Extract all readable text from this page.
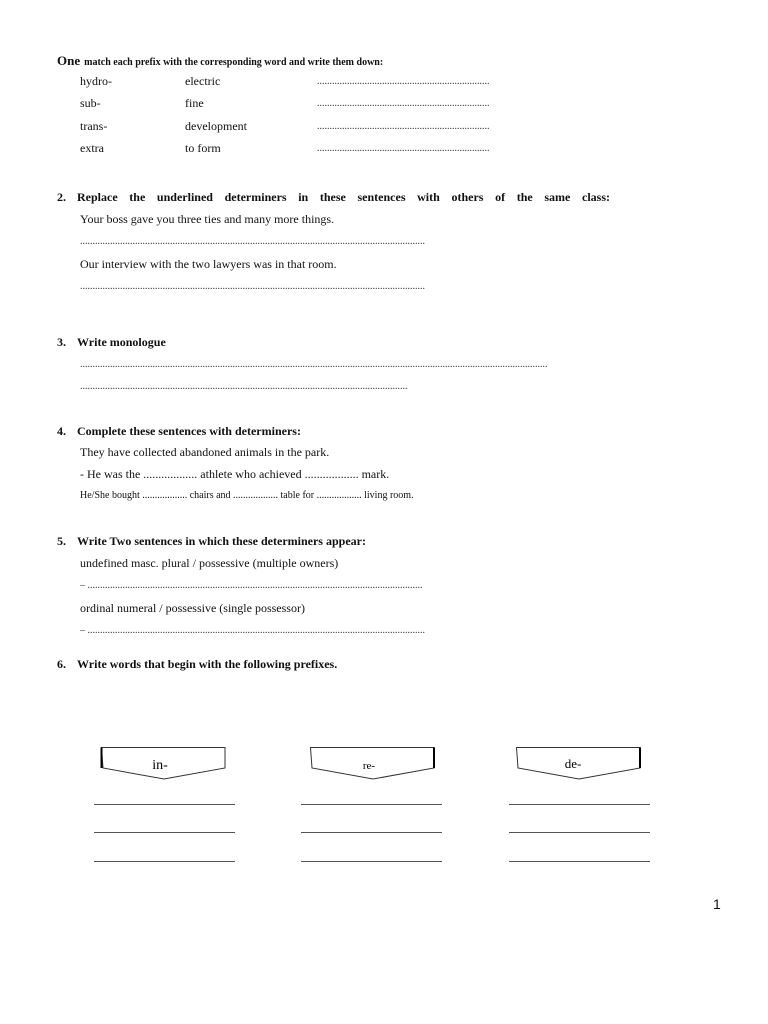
One match each prefix with the corresponding word and write them down:
hydro-	electric	.....................................................................
sub-	fine	.....................................................................
trans-	development	.....................................................................
extra	to form	.....................................................................
2. Replace the underlined determiners in these sentences with others of the same class:
Your boss gave you three ties and many more things.
..........................................................................................................................................
Our interview with the two lawyers was in that room.
..........................................................................................................................................
3. Write monologue
...........................................................................................................................................................................................
...................................................................................................................................
4. Complete these sentences with determiners:
They have collected abandoned animals in the park.
- He was the .................. athlete who achieved .................. mark.
He/She bought .................. chairs and .................. table for .................. living room.
5. Write Two sentences in which these determiners appear:
undefined masc. plural / possessive (multiple owners)
– ......................................................................................................................................
ordinal numeral / possessive (single possessor)
– .......................................................................................................................................
6. Write words that begin with the following prefixes.
in-	re-	de-
1
